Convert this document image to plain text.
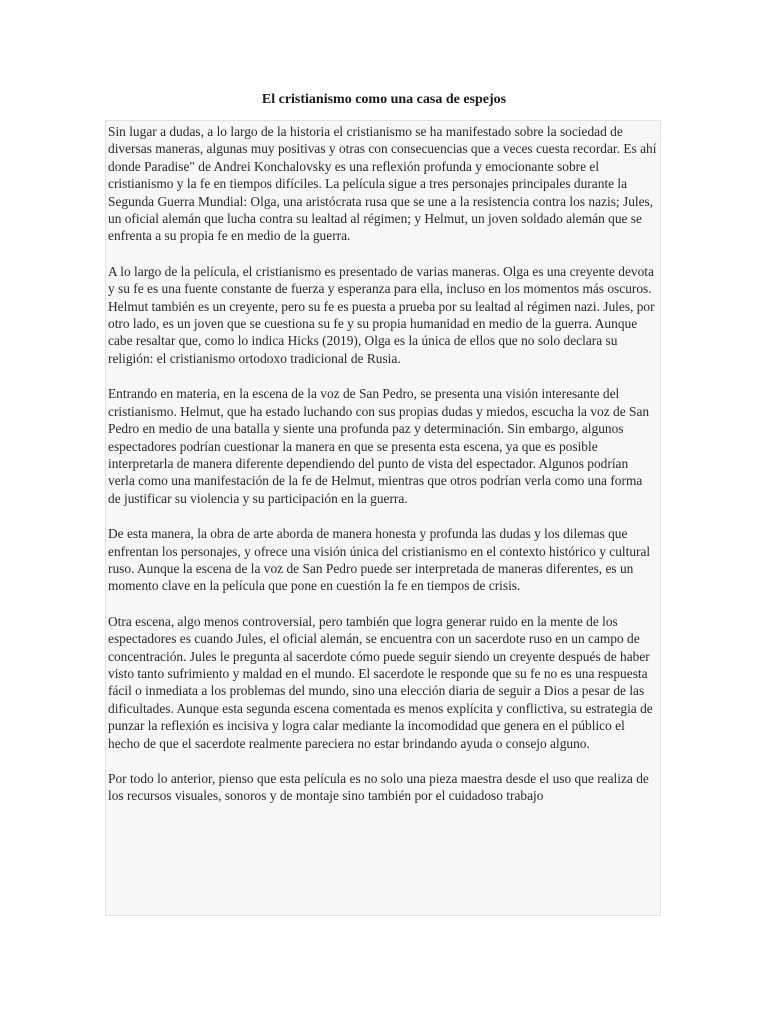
El cristianismo como una casa de espejos

Sin lugar a dudas, a lo largo de la historia el cristianismo se ha manifestado sobre la sociedad de diversas maneras, algunas muy positivas y otras con consecuencias que a veces cuesta recordar. Es ahí donde Paradise" de Andrei Konchalovsky es una reflexión profunda y emocionante sobre el cristianismo y la fe en tiempos difíciles. La película sigue a tres personajes principales durante la Segunda Guerra Mundial: Olga, una aristócrata rusa que se une a la resistencia contra los nazis; Jules, un oficial alemán que lucha contra su lealtad al régimen; y Helmut, un joven soldado alemán que se enfrenta a su propia fe en medio de la guerra.

A lo largo de la película, el cristianismo es presentado de varias maneras. Olga es una creyente devota y su fe es una fuente constante de fuerza y esperanza para ella, incluso en los momentos más oscuros. Helmut también es un creyente, pero su fe es puesta a prueba por su lealtad al régimen nazi. Jules, por otro lado, es un joven que se cuestiona su fe y su propia humanidad en medio de la guerra. Aunque cabe resaltar que, como lo indica Hicks (2019), Olga es la única de ellos que no solo declara su religión: el cristianismo ortodoxo tradicional de Rusia.

Entrando en materia, en la escena de la voz de San Pedro, se presenta una visión interesante del cristianismo. Helmut, que ha estado luchando con sus propias dudas y miedos, escucha la voz de San Pedro en medio de una batalla y siente una profunda paz y determinación. Sin embargo, algunos espectadores podrían cuestionar la manera en que se presenta esta escena, ya que es posible interpretarla de manera diferente dependiendo del punto de vista del espectador. Algunos podrían verla como una manifestación de la fe de Helmut, mientras que otros podrían verla como una forma de justificar su violencia y su participación en la guerra.

De esta manera, la obra de arte aborda de manera honesta y profunda las dudas y los dilemas que enfrentan los personajes, y ofrece una visión única del cristianismo en el contexto histórico y cultural ruso. Aunque la escena de la voz de San Pedro puede ser interpretada de maneras diferentes, es un momento clave en la película que pone en cuestión la fe en tiempos de crisis.

Otra escena, algo menos controversial, pero también que logra generar ruido en la mente de los espectadores es cuando Jules, el oficial alemán, se encuentra con un sacerdote ruso en un campo de concentración. Jules le pregunta al sacerdote cómo puede seguir siendo un creyente después de haber visto tanto sufrimiento y maldad en el mundo. El sacerdote le responde que su fe no es una respuesta fácil o inmediata a los problemas del mundo, sino una elección diaria de seguir a Dios a pesar de las dificultades. Aunque esta segunda escena comentada es menos explícita y conflictiva, su estrategia de punzar la reflexión es incisiva y logra calar mediante la incomodidad que genera en el público el hecho de que el sacerdote realmente pareciera no estar brindando ayuda o consejo alguno.

Por todo lo anterior, pienso que esta película es no solo una pieza maestra desde el uso que realiza de los recursos visuales, sonoros y de montaje sino también por el cuidadoso trabajo
